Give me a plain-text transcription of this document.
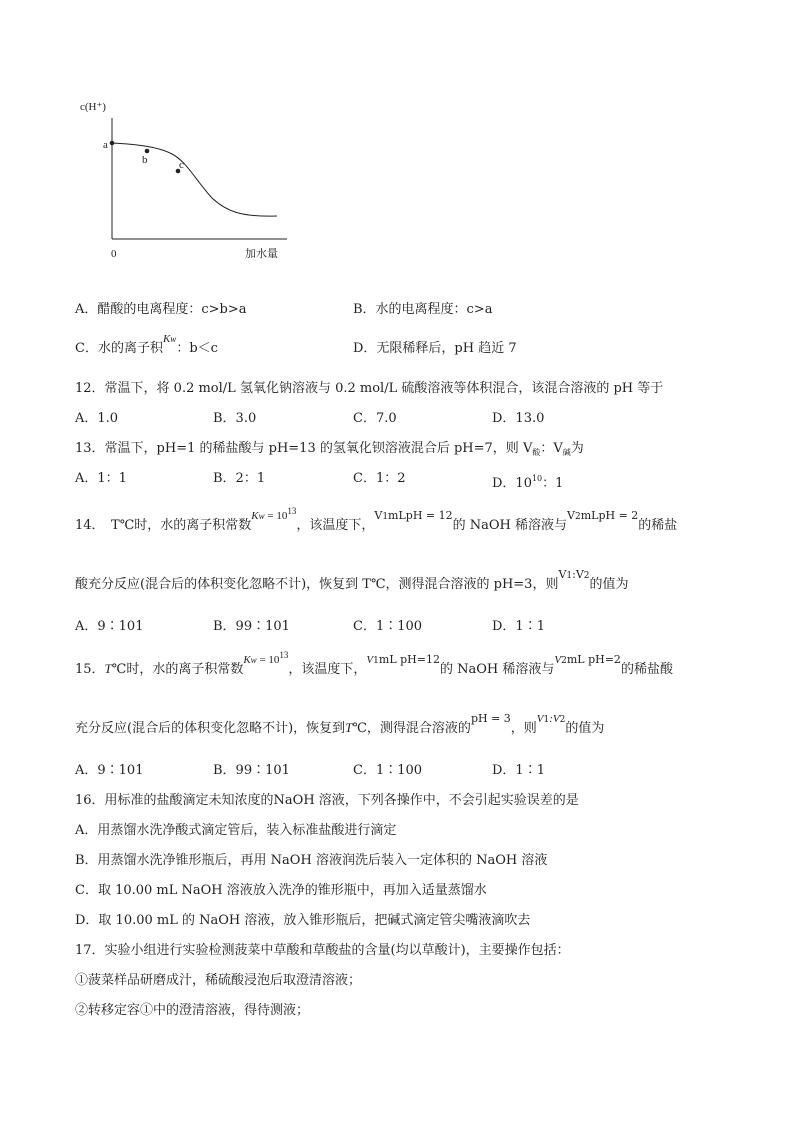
c(H⁺)
a
b	c
0	加水量
A．醋酸的电离程度：c>b>a	B．水的电离程度：c>a
C．水的离子积$^{Kw}$：b＜c	D．无限稀释后，pH 趋近 7
12．常温下，将 0.2 mol/L 氢氧化钠溶液与 0.2 mol/L 硫酸溶液等体积混合，该混合溶液的 pH 等于
A．1.0	B．3.0	C．7.0	D．13.0
13．常温下，pH=1 的稀盐酸与 pH=13 的氢氧化钡溶液混合后 pH=7，则 $V_酸$：$V_碱$为
A．1：1	B．2：1	C．1：2	D．$10^{10}$：1
14．　T℃时，水的离子积常数$^{Kw = 10^{13}}$，该温度下，$^{V1mLpH = 12}$的 NaOH 稀溶液与$^{V2mLpH = 2}$的稀盐
酸充分反应(混合后的体积变化忽略不计)，恢复到 T℃，测得混合溶液的 pH=3，则$^{V1:V2}$的值为
A．9∶101	B．99∶101	C．1∶100	D．1∶1
15．T℃时，水的离子积常数$^{Kw = 10^{13}}$，该温度下，$^{V1mL pH=12}$的 NaOH 稀溶液与$^{V2mL pH=2}$的稀盐酸
充分反应(混合后的体积变化忽略不计)，恢复到T℃，测得混合溶液的$^{pH = 3}$，则$^{V1:V2}$的值为
A．9∶101	B．99∶101	C．1∶100	D．1∶1
16．用标准的盐酸滴定未知浓度的NaOH 溶液，下列各操作中，不会引起实验误差的是
A．用蒸馏水洗净酸式滴定管后，装入标准盐酸进行滴定
B．用蒸馏水洗净锥形瓶后，再用 NaOH 溶液润洗后装入一定体积的 NaOH 溶液
C．取 10.00 mL NaOH 溶液放入洗净的锥形瓶中，再加入适量蒸馏水
D．取 10.00 mL 的 NaOH 溶液，放入锥形瓶后，把碱式滴定管尖嘴液滴吹去
17．实验小组进行实验检测菠菜中草酸和草酸盐的含量(均以草酸计)，主要操作包括：
①菠菜样品研磨成汁，稀硫酸浸泡后取澄清溶液；
②转移定容①中的澄清溶液，得待测液；
